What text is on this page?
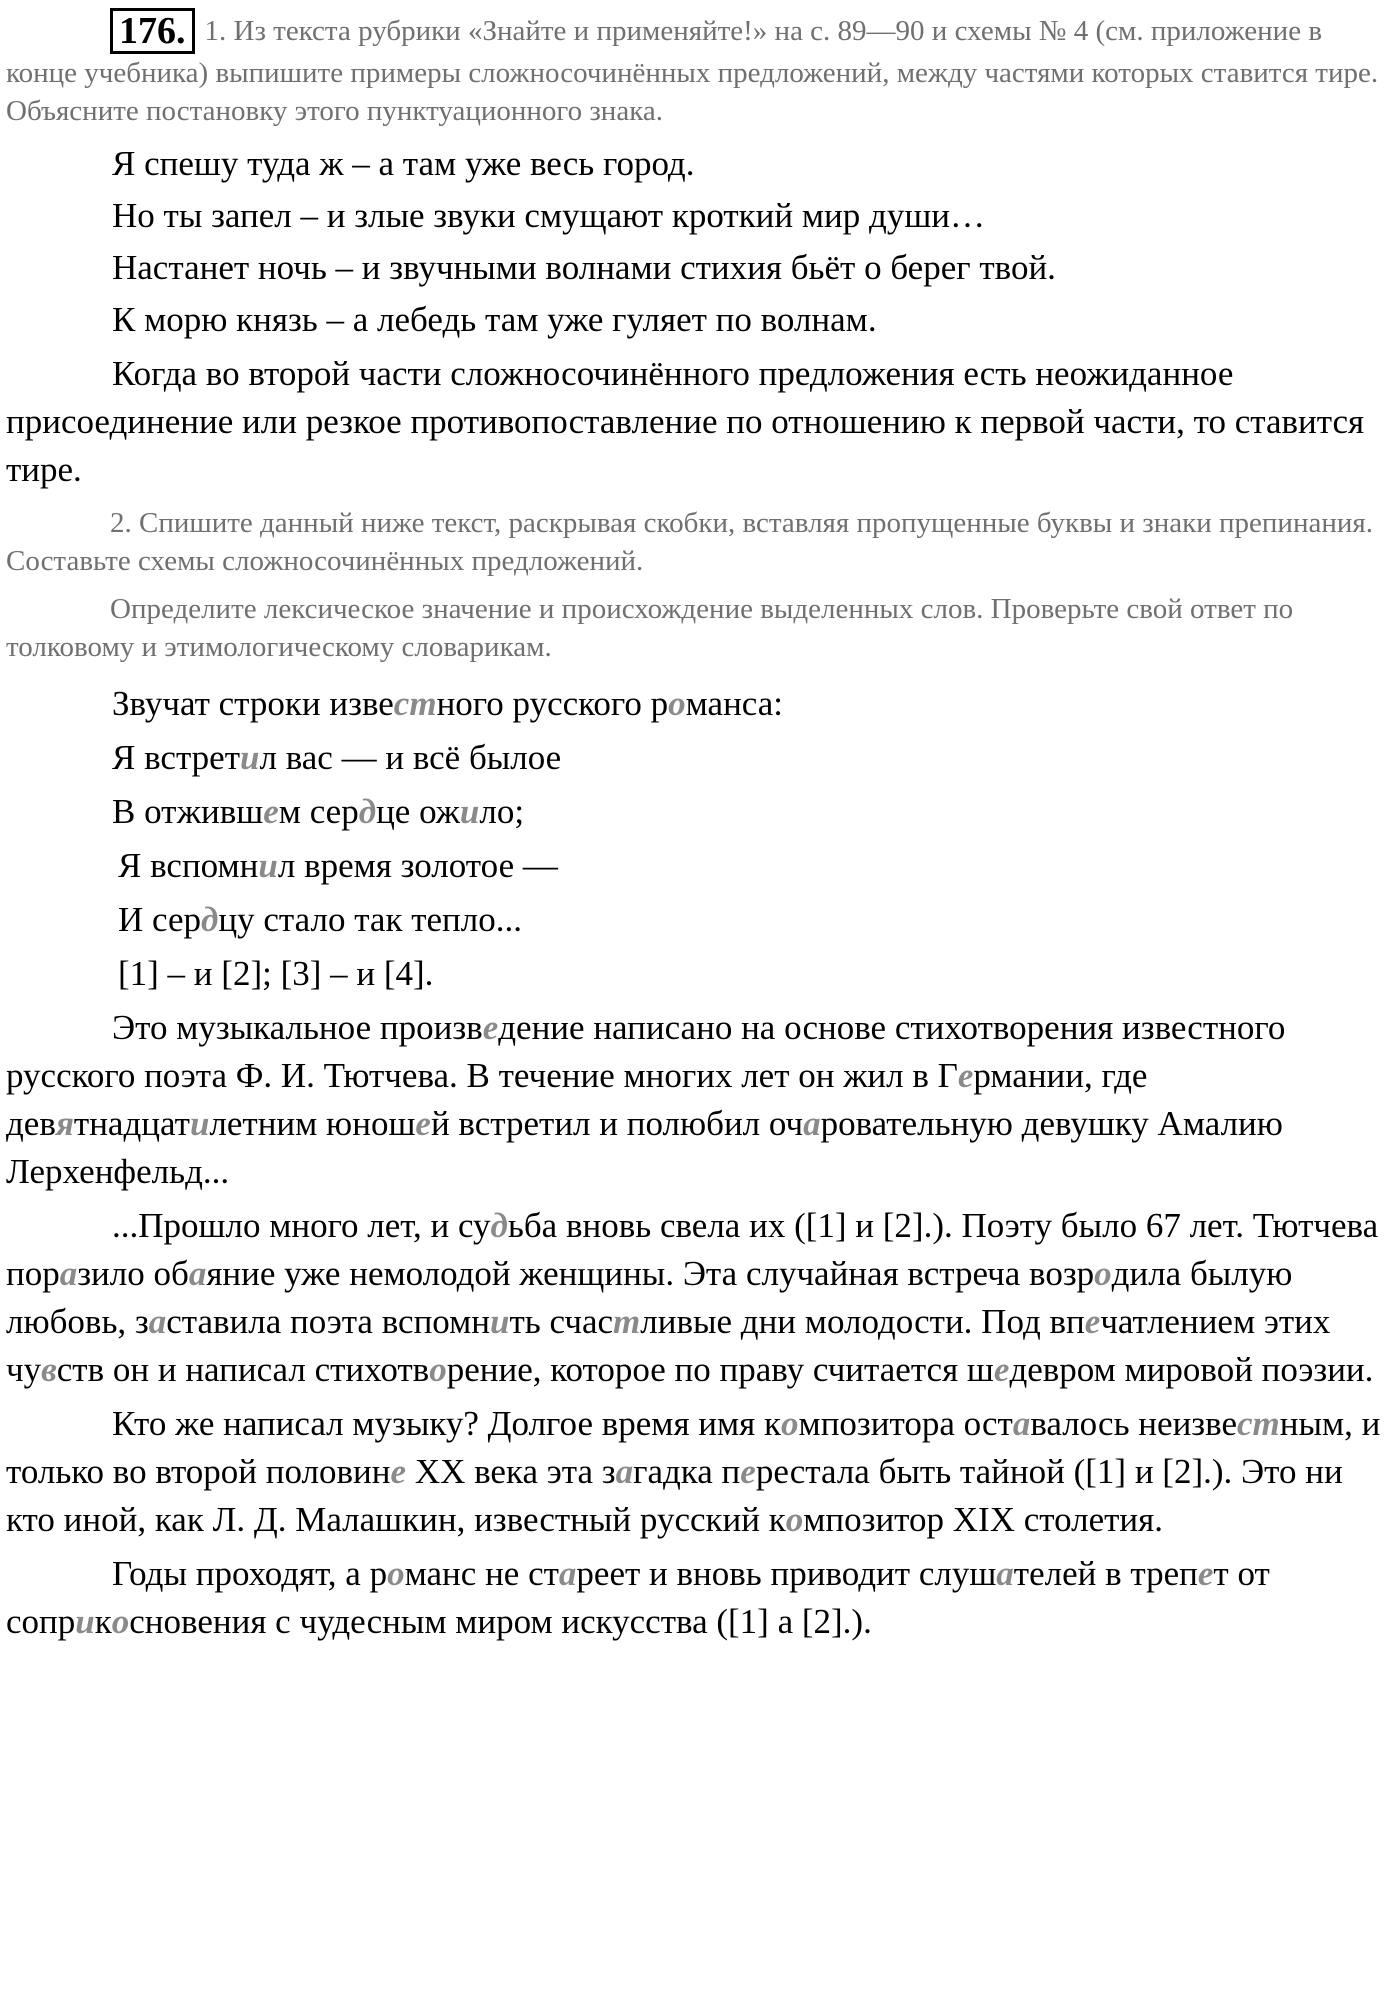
176. 1. Из текста рубрики «Знайте и применяйте!» на с. 89—90 и схемы № 4 (см. приложение в конце учебника) выпишите примеры сложносочинённых предложений, между частями которых ставится тире. Объясните постановку этого пунктуационного знака.

Я спешу туда ж – а там уже весь город.

Но ты запел – и злые звуки смущают кроткий мир души…

Настанет ночь – и звучными волнами стихия бьёт о берег твой.

К морю князь – а лебедь там уже гуляет по волнам.

Когда во второй части сложносочинённого предложения есть неожиданное присоединение или резкое противопоставление по отношению к первой части, то ставится тире.

2. Спишите данный ниже текст, раскрывая скобки, вставляя пропущенные буквы и знаки препинания. Составьте схемы сложносочинённых предложений.

Определите лексическое значение и происхождение выделенных слов. Проверьте свой ответ по толковому и этимологическому словарикам.

Звучат строки известного русского романса:

Я встретил вас — и всё былое

В отжившем сердце ожило;

Я вспомнил время золотое —

И сердцу стало так тепло...

[1] – и [2]; [3] – и [4].

Это музыкальное произведение написано на основе стихотворения известного русского поэта Ф. И. Тютчева. В течение многих лет он жил в Германии, где девятнадцатилетним юношей встретил и полюбил очаровательную девушку Амалию Лерхенфельд...

...Прошло много лет, и судьба вновь свела их ([1] и [2].). Поэту было 67 лет. Тютчева поразило обаяние уже немолодой женщины. Эта случайная встреча возродила былую любовь, заставила поэта вспомнить счастливые дни молодости. Под впечатлением этих чувств он и написал стихотворение, которое по праву считается шедевром мировой поэзии.

Кто же написал музыку? Долгое время имя композитора оставалось неизвестным, и только во второй половине XX века эта загадка перестала быть тайной ([1] и [2].). Это ни кто иной, как Л. Д. Малашкин, известный русский композитор XIX столетия.

Годы проходят, а романс не стареет и вновь приводит слушателей в трепет от соприкосновения с чудесным миром искусства ([1] а [2].).
